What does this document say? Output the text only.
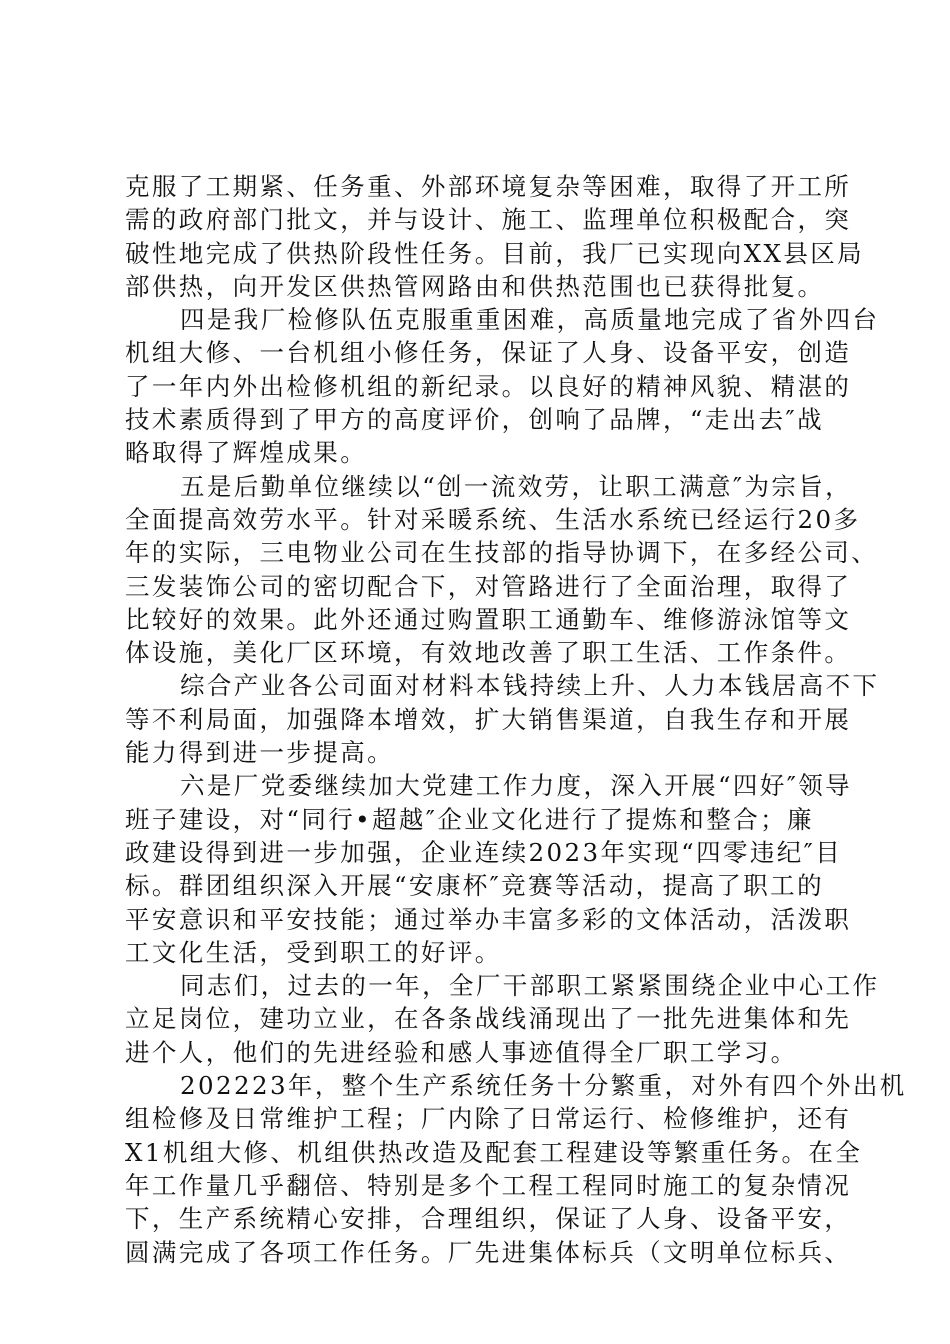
克服了工期紧、任务重、外部环境复杂等困难，取得了开工所
需的政府部门批文，并与设计、施工、监理单位积极配合，突
破性地完成了供热阶段性任务。目前，我厂已实现向XX县区局
部供热，向开发区供热管网路由和供热范围也已获得批复。
四是我厂检修队伍克服重重困难，高质量地完成了省外四台
机组大修、一台机组小修任务，保证了人身、设备平安，创造
了一年内外出检修机组的新纪录。以良好的精神风貌、精湛的
技术素质得到了甲方的高度评价，创响了品牌，“走出去″战
略取得了辉煌成果。
五是后勤单位继续以“创一流效劳，让职工满意″为宗旨，
全面提高效劳水平。针对采暖系统、生活水系统已经运行20多
年的实际，三电物业公司在生技部的指导协调下，在多经公司、
三发装饰公司的密切配合下，对管路进行了全面治理，取得了
比较好的效果。此外还通过购置职工通勤车、维修游泳馆等文
体设施，美化厂区环境，有效地改善了职工生活、工作条件。
综合产业各公司面对材料本钱持续上升、人力本钱居高不下
等不利局面，加强降本增效，扩大销售渠道，自我生存和开展
能力得到进一步提高。
六是厂党委继续加大党建工作力度，深入开展“四好″领导
班子建设，对“同行•超越″企业文化进行了提炼和整合；廉
政建设得到进一步加强，企业连续2023年实现“四零违纪″目
标。群团组织深入开展“安康杯″竞赛等活动，提高了职工的
平安意识和平安技能；通过举办丰富多彩的文体活动，活泼职
工文化生活，受到职工的好评。
同志们，过去的一年，全厂干部职工紧紧围绕企业中心工作
立足岗位，建功立业，在各条战线涌现出了一批先进集体和先
进个人，他们的先进经验和感人事迹值得全厂职工学习。
202223年，整个生产系统任务十分繁重，对外有四个外出机
组检修及日常维护工程；厂内除了日常运行、检修维护，还有
X1机组大修、机组供热改造及配套工程建设等繁重任务。在全
年工作量几乎翻倍、特别是多个工程工程同时施工的复杂情况
下，生产系统精心安排，合理组织，保证了人身、设备平安，
圆满完成了各项工作任务。厂先进集体标兵（文明单位标兵、
